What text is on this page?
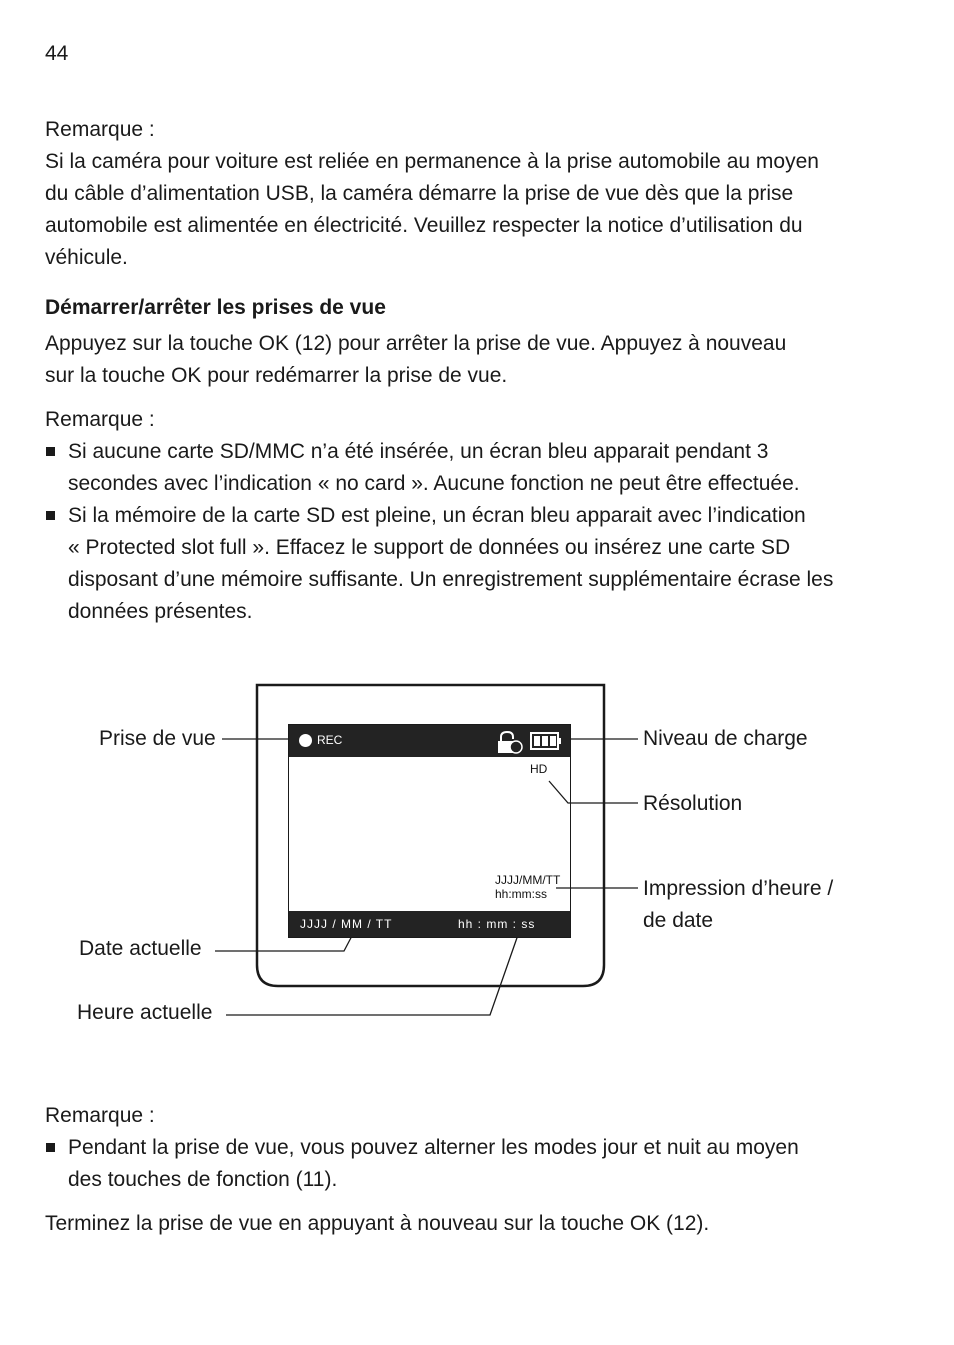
44

Remarque :

Si la caméra pour voiture est reliée en permanence à la prise automobile au moyen

du câble d’alimentation USB, la caméra démarre la prise de vue dès que la prise

automobile est alimentée en électricité. Veuillez respecter la notice d’utilisation du

véhicule.

Démarrer/arrêter les prises de vue

Appuyez sur la touche OK (12) pour arrêter la prise de vue. Appuyez à nouveau

sur la touche OK pour redémarrer la prise de vue.

Remarque :

Si aucune carte SD/MMC n’a été insérée, un écran bleu apparait pendant 3

secondes avec l’indication « no card ». Aucune fonction ne peut être effectuée.

Si la mémoire de la carte SD est pleine, un écran bleu apparait avec l’indication

« Protected slot full ». Effacez le support de données ou insérez une carte SD

disposant d’une mémoire suffisante. Un enregistrement supplémentaire écrase les

données présentes.

REC
HD
JJJJ/MM/TT
hh:mm:ss
JJJJ / MM / TT	hh : mm : ss
Prise de vue	Niveau de charge
Résolution
Impression d’heure /
de date
Date actuelle
Heure actuelle

Remarque :

Pendant la prise de vue, vous pouvez alterner les modes jour et nuit au moyen

des touches de fonction (11).

Terminez la prise de vue en appuyant à nouveau sur la touche OK (12).
